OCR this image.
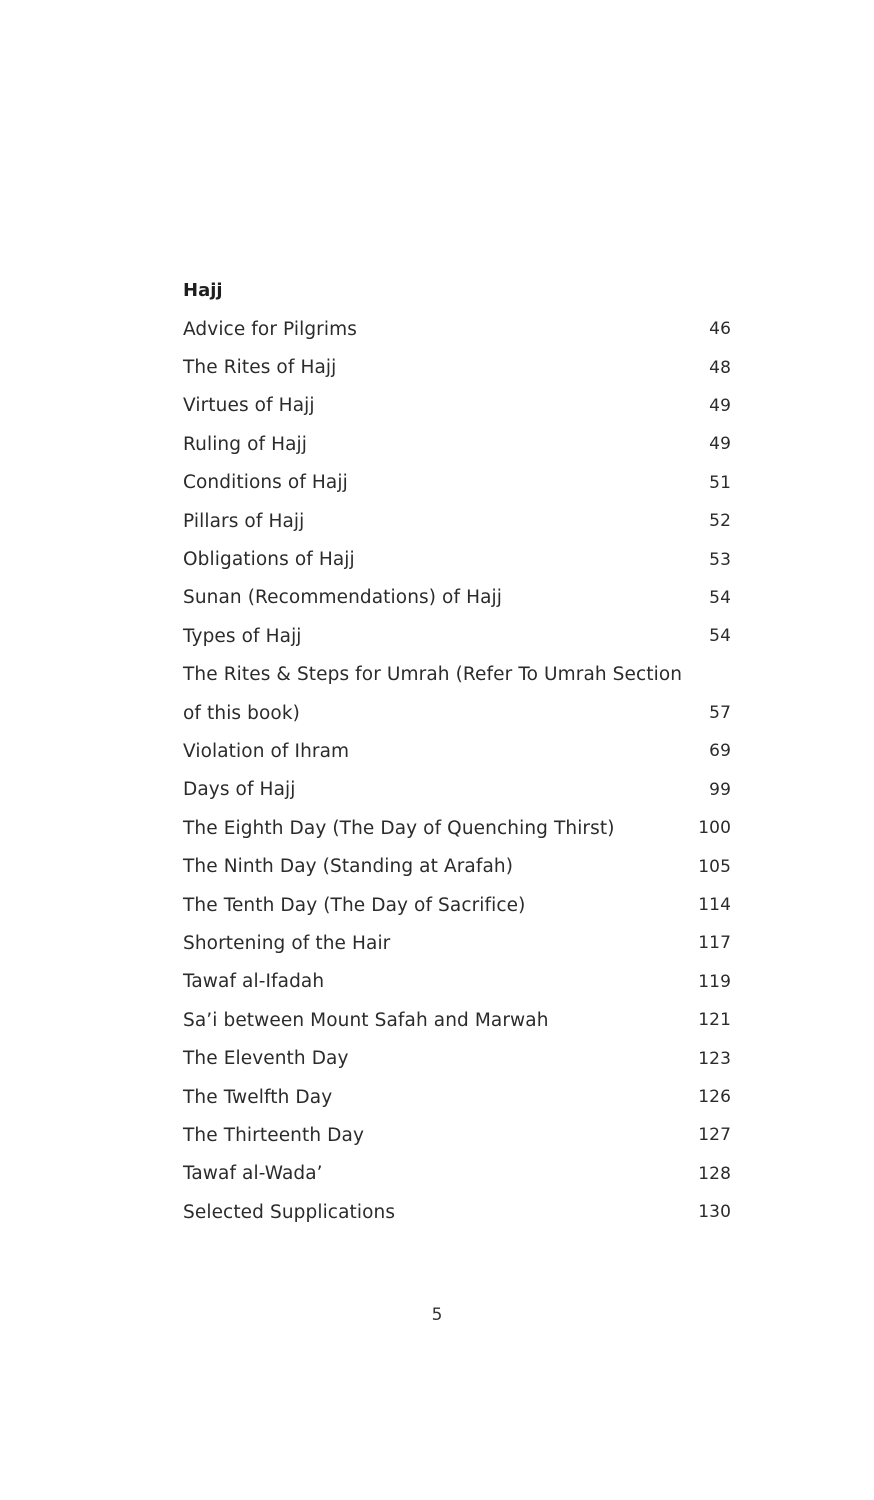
Hajj
Advice for Pilgrims	46
The Rites of Hajj	48
Virtues of Hajj	49
Ruling of Hajj	49
Conditions of Hajj	51
Pillars of Hajj	52
Obligations of Hajj	53
Sunan (Recommendations) of Hajj	54
Types of Hajj	54
The Rites & Steps for Umrah (Refer To Umrah Section
of this book)	57
Violation of Ihram	69
Days of Hajj	99
The Eighth Day (The Day of Quenching Thirst)	100
The Ninth Day (Standing at Arafah)	105
The Tenth Day (The Day of Sacrifice)	114
Shortening of the Hair	117
Tawaf al-Ifadah	119
Sa’i between Mount Safah and Marwah	121
The Eleventh Day	123
The Twelfth Day	126
The Thirteenth Day	127
Tawaf al-Wada’	128
Selected Supplications	130
5
